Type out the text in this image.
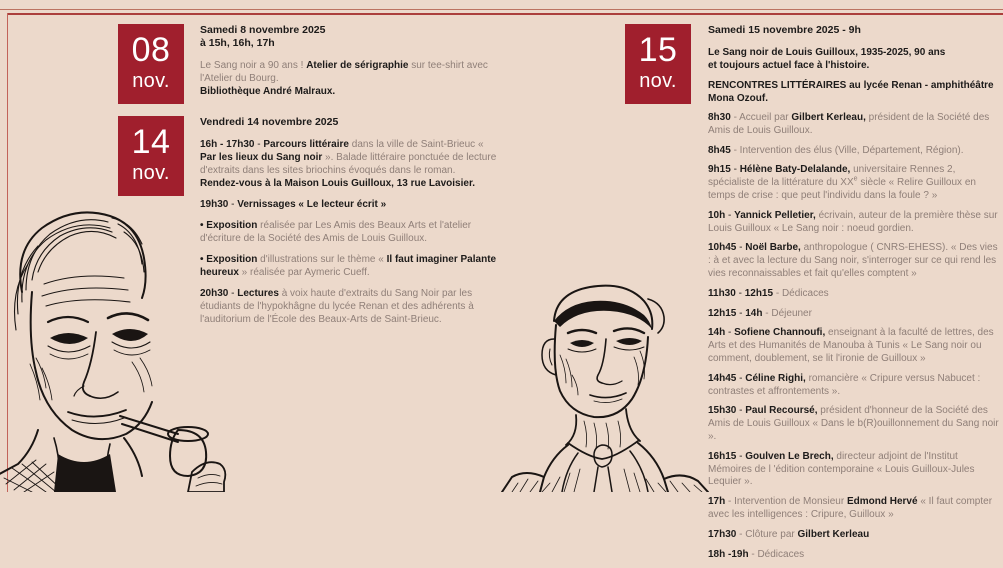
08
nov.
Samedi 8 novembre 2025
à 15h, 16h, 17h

Le Sang noir a 90 ans ! Atelier de sérigraphie sur tee-shirt avec l'Atelier du Bourg.
Bibliothèque André Malraux.

14
nov.
Vendredi 14 novembre 2025

16h - 17h30 - Parcours littéraire dans la ville de Saint-Brieuc « Par les lieux du Sang noir ». Balade littéraire ponctuée de lecture d'extraits dans les sites briochins évoqués dans le roman.
Rendez-vous à la Maison Louis Guilloux, 13 rue Lavoisier.

19h30 - Vernissages « Le lecteur écrit »

• Exposition réalisée par Les Amis des Beaux Arts et l'atelier d'écriture de la Société des Amis de Louis Guilloux.

• Exposition d'illustrations sur le thème « Il faut imaginer Palante heureux » réalisée par Aymeric Cueff.

20h30 - Lectures à voix haute d'extraits du Sang Noir par les étudiants de l'hypokhâgne du lycée Renan et des adhérents à l'auditorium de l'École des Beaux-Arts de Saint-Brieuc.

15
nov.
Samedi 15 novembre 2025 - 9h

Le Sang noir de Louis Guilloux, 1935-2025, 90 ans
et toujours actuel face à l'histoire.

RENCONTRES LITTÉRAIRES au lycée Renan - amphithéâtre
Mona Ozouf.

8h30 - Accueil par Gilbert Kerleau, président de la Société des Amis de Louis Guilloux.
8h45 - Intervention des élus (Ville, Département, Région).
9h15 - Hélène Baty-Delalande, universitaire Rennes 2, spécialiste de la littérature du XXe siècle « Relire Guilloux en temps de crise : que peut l'individu dans la foule ? »
10h - Yannick Pelletier, écrivain, auteur de la première thèse sur Louis Guilloux « Le Sang noir : noeud gordien.
10h45 - Noël Barbe, anthropologue ( CNRS-EHESS). « Des vies : à et avec la lecture du Sang noir, s'interroger sur ce qui rend les vies reconnaissables et fait qu'elles comptent »
11h30 - 12h15 - Dédicaces
12h15 - 14h - Déjeuner
14h - Sofiene Channoufi, enseignant à la faculté de lettres, des Arts et des Humanités de Manouba à Tunis « Le Sang noir ou comment, doublement, se lit l'ironie de Guilloux »
14h45 - Céline Righi, romancière « Cripure versus Nabucet : contrastes et affrontements ».
15h30 - Paul Recoursé, président d'honneur de la Société des Amis de Louis Guilloux « Dans le b(R)ouillonnement du Sang noir ».
16h15 - Goulven Le Brech, directeur adjoint de l'Institut Mémoires de l 'édition contemporaine « Louis Guilloux-Jules Lequier ».
17h - Intervention de Monsieur Edmond Hervé « Il faut compter avec les intelligences : Cripure, Guilloux »
17h30 - Clôture par Gilbert Kerleau
18h -19h - Dédicaces
